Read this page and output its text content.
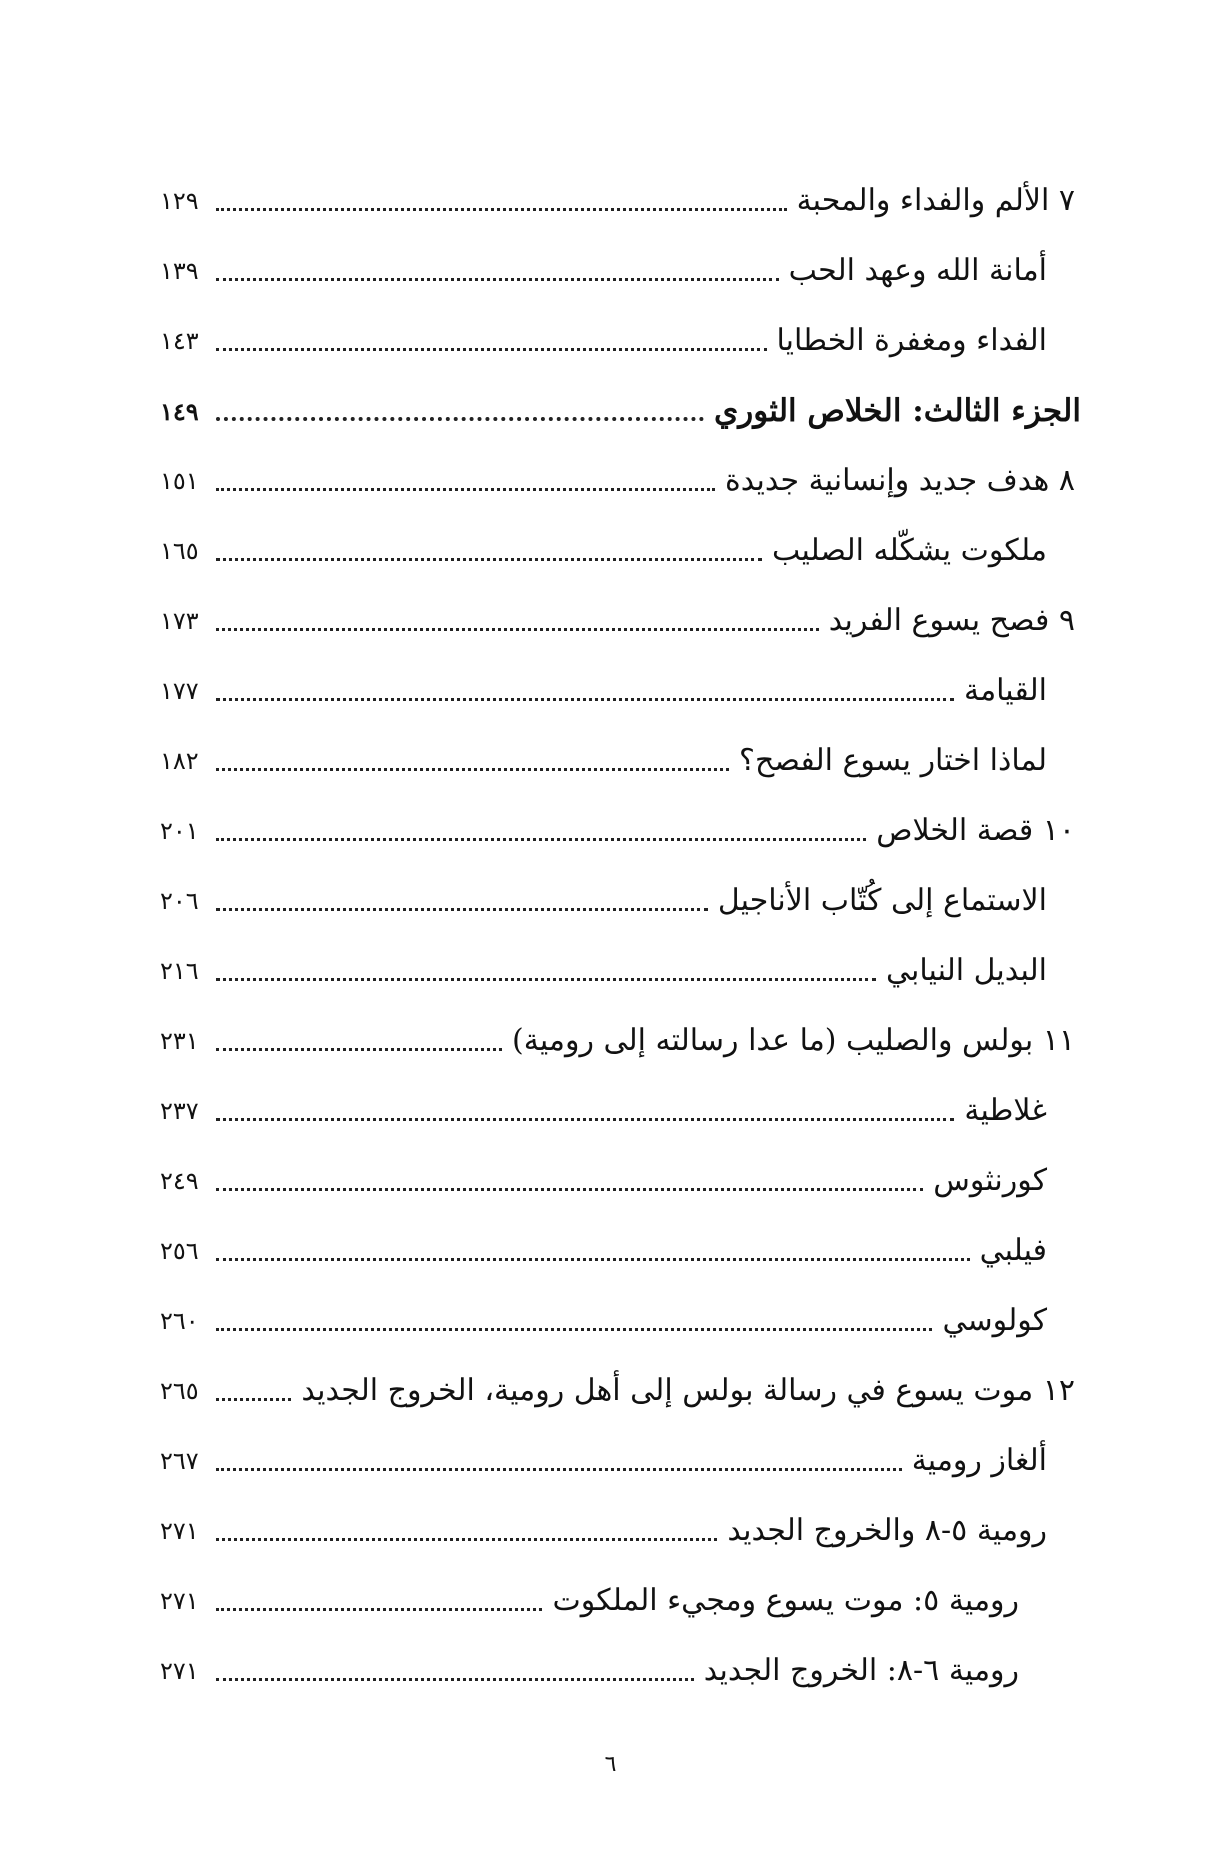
٧ الألم والفداء والمحبة
١٢٩
أمانة الله وعهد الحب
١٣٩
الفداء ومغفرة الخطايا
١٤٣
الجزء الثالث: الخلاص الثوري
١٤٩
٨ هدف جديد وإنسانية جديدة
١٥١
ملكوت يشكّله الصليب
١٦٥
٩ فصح يسوع الفريد
١٧٣
القيامة
١٧٧
لماذا اختار يسوع الفصح؟
١٨٢
١٠ قصة الخلاص
٢٠١
الاستماع إلى كُتّاب الأناجيل
٢٠٦
البديل النيابي
٢١٦
١١ بولس والصليب (ما عدا رسالته إلى رومية)
٢٣١
غلاطية
٢٣٧
كورنثوس
٢٤٩
فيلبي
٢٥٦
كولوسي
٢٦٠
١٢ موت يسوع في رسالة بولس إلى أهل رومية، الخروج الجديد
٢٦٥
ألغاز رومية
٢٦٧
رومية ٥-٨ والخروج الجديد
٢٧١
رومية ٥: موت يسوع ومجيء الملكوت
٢٧١
رومية ٦-٨: الخروج الجديد
٢٧١
٦
